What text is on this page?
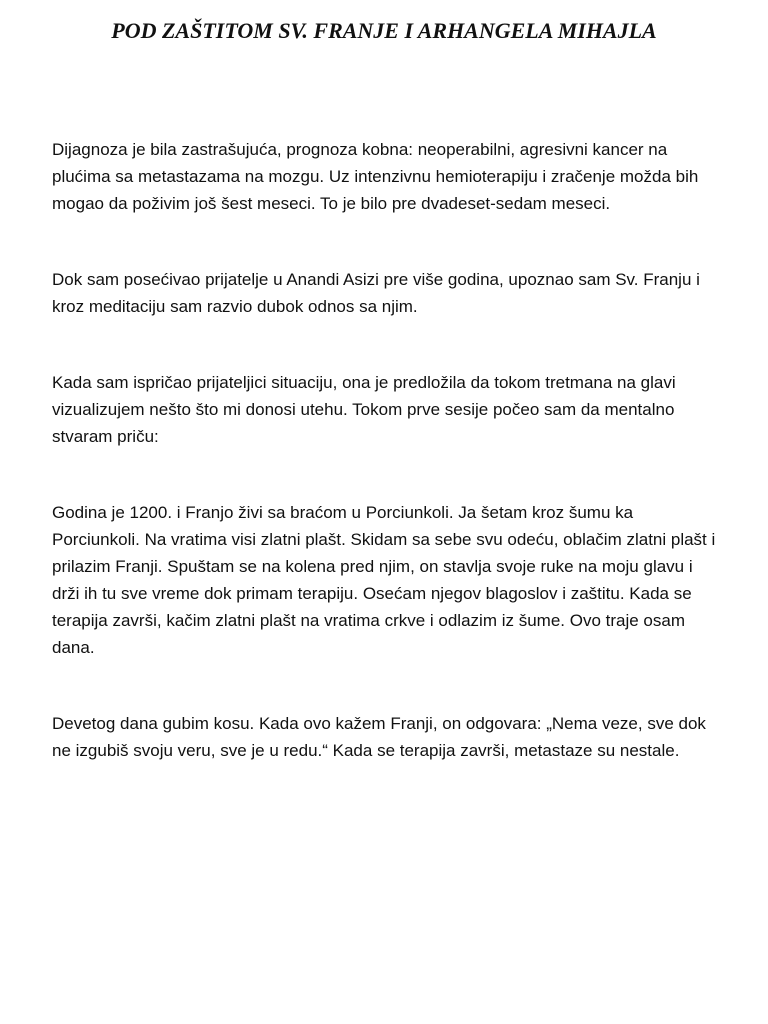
POD ZAŠTITOM SV. FRANJE I ARHANGELA MIHAJLA

Dijagnoza je bila zastrašujuća, prognoza kobna: neoperabilni, agresivni kancer na plućima sa metastazama na mozgu. Uz intenzivnu hemioterapiju i zračenje možda bih mogao da poživim još šest meseci. To je bilo pre dvadeset-sedam meseci.

Dok sam posećivao prijatelje u Anandi Asizi pre više godina, upoznao sam Sv. Franju i kroz meditaciju sam razvio dubok odnos sa njim.

Kada sam ispričao prijateljici situaciju, ona je predložila da tokom tretmana na glavi vizualizujem nešto što mi donosi utehu. Tokom prve sesije počeo sam da mentalno stvaram priču:

Godina je 1200. i Franjo živi sa braćom u Porciunkoli. Ja šetam kroz šumu ka Porciunkoli. Na vratima visi zlatni plašt. Skidam sa sebe svu odeću, oblačim zlatni plašt i prilazim Franji. Spuštam se na kolena pred njim, on stavlja svoje ruke na moju glavu i drži ih tu sve vreme dok primam terapiju. Osećam njegov blagoslov i zaštitu. Kada se terapija završi, kačim zlatni plašt na vratima crkve i odlazim iz šume. Ovo traje osam dana.

Devetog dana gubim kosu. Kada ovo kažem Franji, on odgovara: „Nema veze, sve dok ne izgubiš svoju veru, sve je u redu.“ Kada se terapija završi, metastaze su nestale.
